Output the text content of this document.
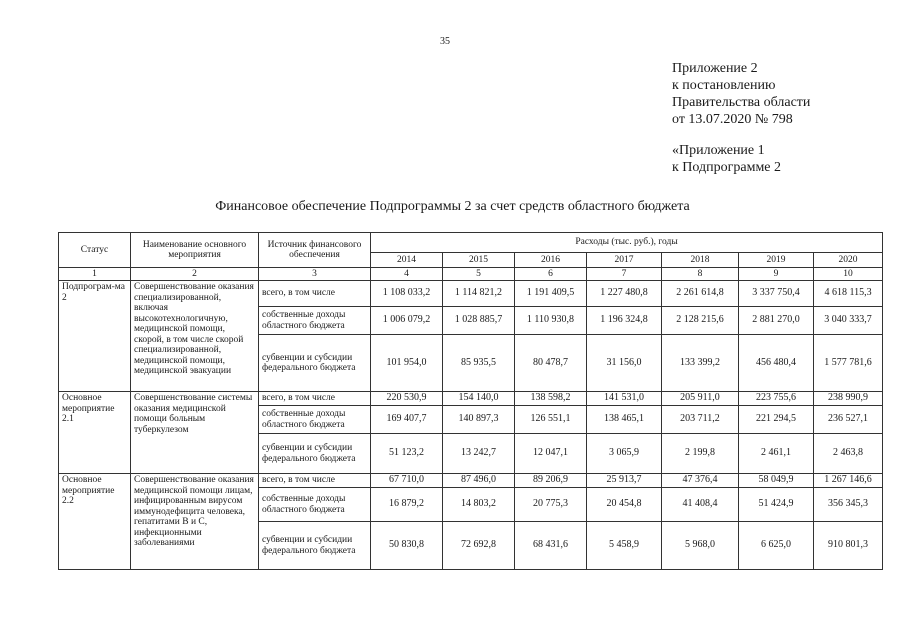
35
Приложение 2
к постановлению
Правительства области
от 13.07.2020 № 798
«Приложение 1
к Подпрограмме 2
Финансовое обеспечение Подпрограммы 2 за счет средств областного бюджета
Статус	Наименование основного мероприятия	Источник финансового обеспечения	Расходы (тыс. руб.), годы						
			2014	2015	2016	2017	2018	2019	2020
1	2	3	4	5	6	7	8	9	10
Подпрограм-ма 2	Совершенствование оказания специализированной, включая высокотехнологичную, медицинской помощи, скорой, в том числе скорой специализированной, медицинской помощи, медицинской эвакуации	всего, в том числе	1 108 033,2	1 114 821,2	1 191 409,5	1 227 480,8	2 261 614,8	3 337 750,4	4 618 115,3
		собственные доходы областного бюджета	1 006 079,2	1 028 885,7	1 110 930,8	1 196 324,8	2 128 215,6	2 881 270,0	3 040 333,7
		субвенции и субсидии федерального бюджета	101 954,0	85 935,5	80 478,7	31 156,0	133 399,2	456 480,4	1 577 781,6
Основное мероприятие 2.1	Совершенствование системы оказания медицинской помощи больным туберкулезом	всего, в том числе	220 530,9	154 140,0	138 598,2	141 531,0	205 911,0	223 755,6	238 990,9
		собственные доходы областного бюджета	169 407,7	140 897,3	126 551,1	138 465,1	203 711,2	221 294,5	236 527,1
		субвенции и субсидии федерального бюджета	51 123,2	13 242,7	12 047,1	3 065,9	2 199,8	2 461,1	2 463,8
Основное мероприятие 2.2	Совершенствование оказания медицинской помощи лицам, инфицированным вирусом иммунодефицита человека, гепатитами В и С, инфекционными заболеваниями	всего, в том числе	67 710,0	87 496,0	89 206,9	25 913,7	47 376,4	58 049,9	1 267 146,6
		собственные доходы областного бюджета	16 879,2	14 803,2	20 775,3	20 454,8	41 408,4	51 424,9	356 345,3
		субвенции и субсидии федерального бюджета	50 830,8	72 692,8	68 431,6	5 458,9	5 968,0	6 625,0	910 801,3
